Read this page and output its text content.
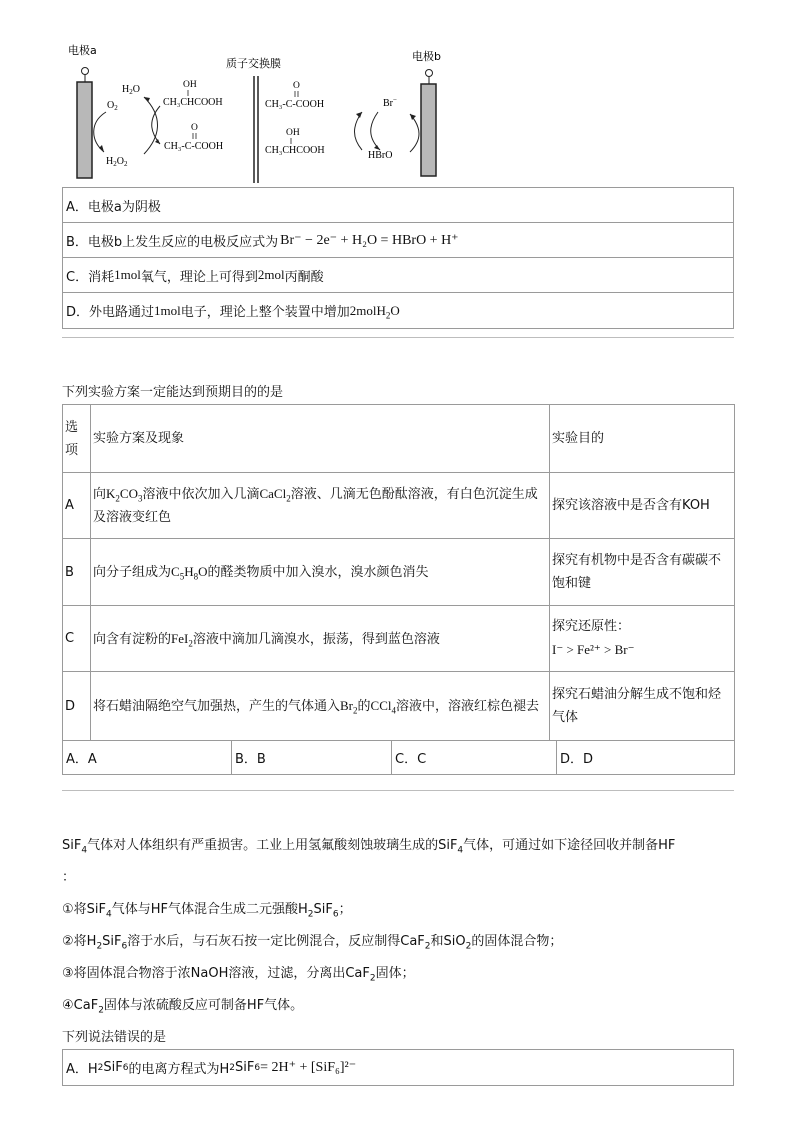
电极a	电极b
质子交换膜
$H_2O$	OH
CH₃CHCOOH
$O_2$
O
CH₃-C-COOH
$H_2O_2$
CH₃-C-COOH
O
OH
CH₃CHCOOH
Br−
HBrO
A．电极a为阴极
B．电极b上发生反应的电极反应式为 Br⁻ − 2e⁻ + H₂O = HBrO + H⁺
C．消耗 1mol 氧气，理论上可得到 2mol 丙酮酸
D．外电路通过 1mol 电子，理论上整个装置中增加 2molH$_2$O
下列实验方案一定能达到预期目的的是
选
项	实验方案及现象	实验目的
A	向$K_2CO_3$溶液中依次加入几滴CaCl$_2$溶液、几滴无色酚酞溶液，有白色沉淀生成及溶液变红色	探究该溶液中是否含有KOH
B	向分子组成为$C_5H_8O$的醛类物质中加入溴水，溴水颜色消失	探究有机物中是否含有碳碳不饱和键
C	向含有淀粉的FeI$_2$溶液中滴加几滴溴水，振荡，得到蓝色溶液	探究还原性：
I⁻ > Fe²⁺ > Br⁻
D	将石蜡油隔绝空气加强热，产生的气体通入$Br_2$的CCl$_4$溶液中，溶液红棕色褪去	探究石蜡油分解生成不饱和烃气体
A．A	B．B	C．C	D．D
SiF$_4$气体对人体组织有严重损害。工业上用氢氟酸刻蚀玻璃生成的SiF$_4$气体，可通过如下途径回收并制备HF
：
①将SiF$_4$气体与HF气体混合生成二元强酸$H_2SiF_6$；
②将$H_2SiF_6$溶于水后，与石灰石按一定比例混合，反应制得CaF$_2$和SiO$_2$的固体混合物；
③将固体混合物溶于浓NaOH溶液，过滤，分离出CaF$_2$固体；
④CaF$_2$固体与浓硫酸反应可制备HF气体。
下列说法错误的是
A．H 2 SiF 6 的电离方程式为H 2 SiF 6 = 2H⁺ + [SiF₆]²⁻
